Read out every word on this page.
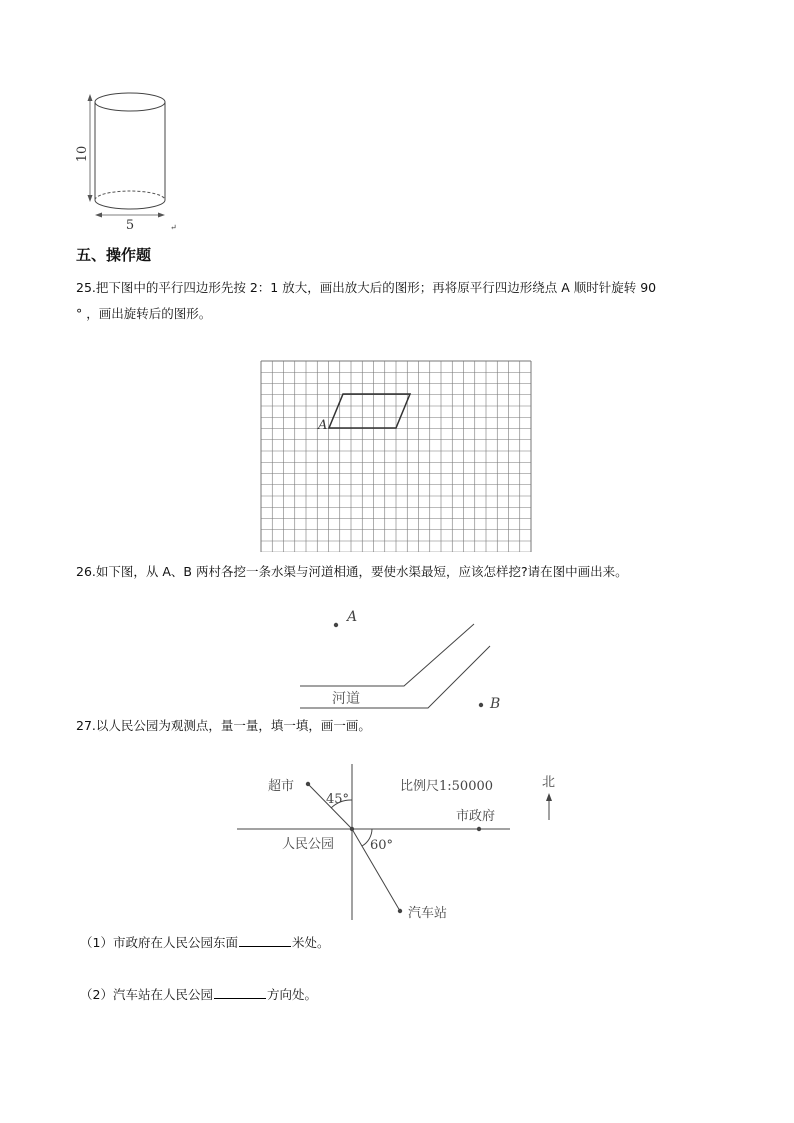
10
5	↵
五、操作题
25.把下图中的平行四边形先按 2：1 放大，画出放大后的图形；再将原平行四边形绕点 A 顺时针旋转 90
° ，画出旋转后的图形。
A
26.如下图，从 A、B 两村各挖一条水渠与河道相通，要使水渠最短，应该怎样挖?请在图中画出来。
A
河道	B
27.以人民公园为观测点，量一量，填一填，画一画。
超市
45°
汽车站
60°
人民公园
市政府
比例尺1:50000	北
（1）市政府在人民公园东面	米处。
（2）汽车站在人民公园	方向处。
